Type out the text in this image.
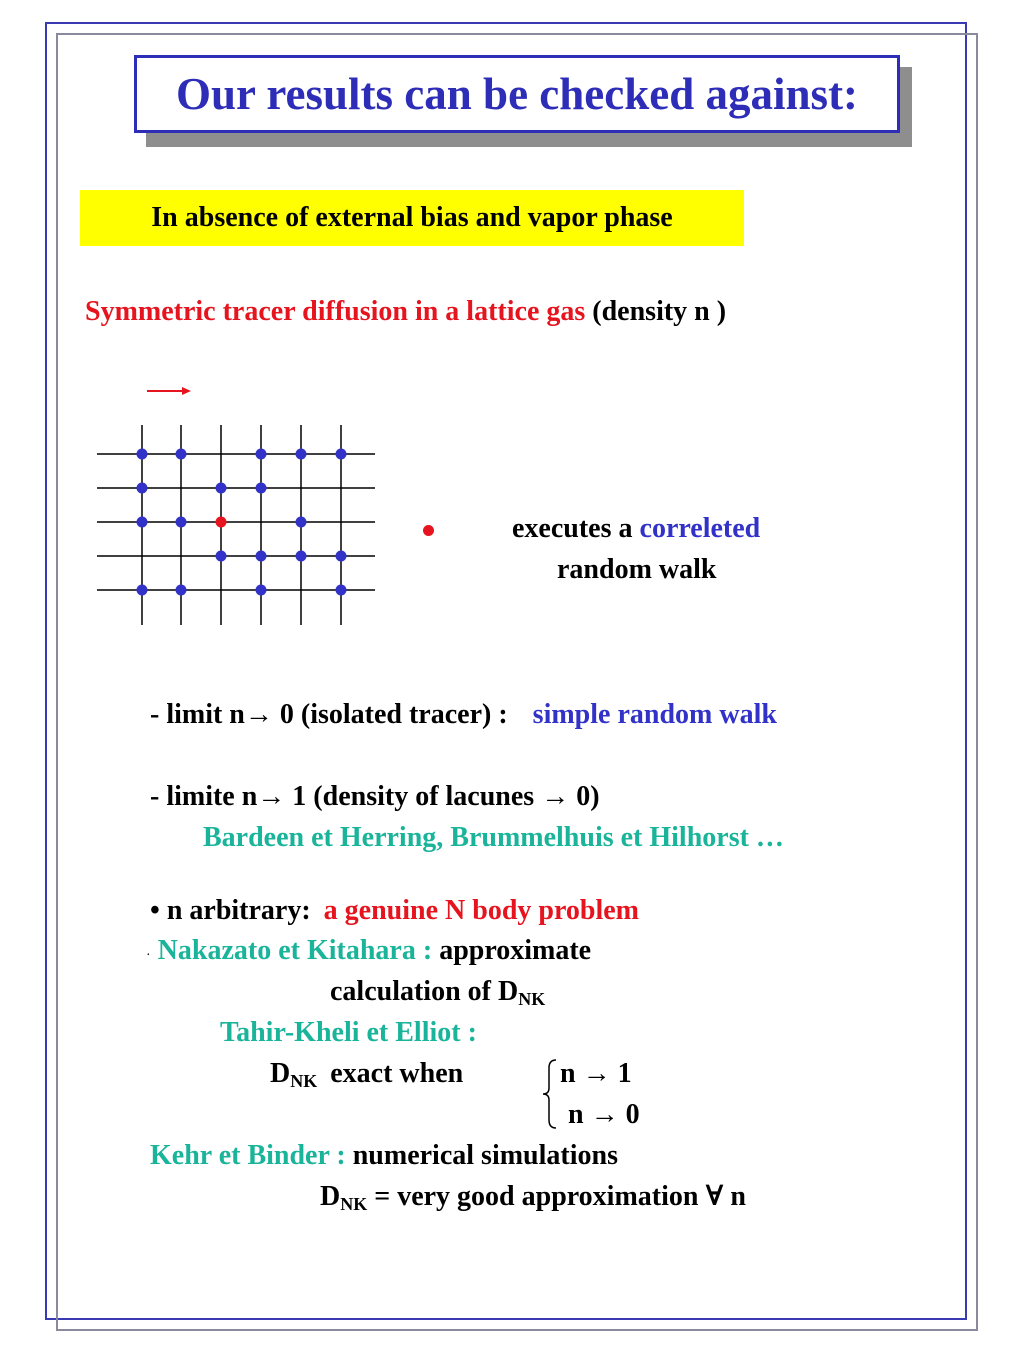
Our results can be checked against:
In absence of external bias and vapor phase
Symmetric tracer diffusion in a lattice gas (density n )
executes a correleted
random walk
- limit n→ 0 (isolated tracer) : simple random walk
- limite n→ 1 (density of lacunes → 0)
Bardeen et Herring, Brummelhuis et Hilhorst …
• n arbitrary: a genuine N body problem
· Nakazato et Kitahara : approximate
calculation of $D_{NK}$
Tahir-Kheli et Elliot :
$D_{NK}$ exact when	n → 1
n → 0
Kehr et Binder : numerical simulations
$D_{NK}$ = very good approximation ∀ n
